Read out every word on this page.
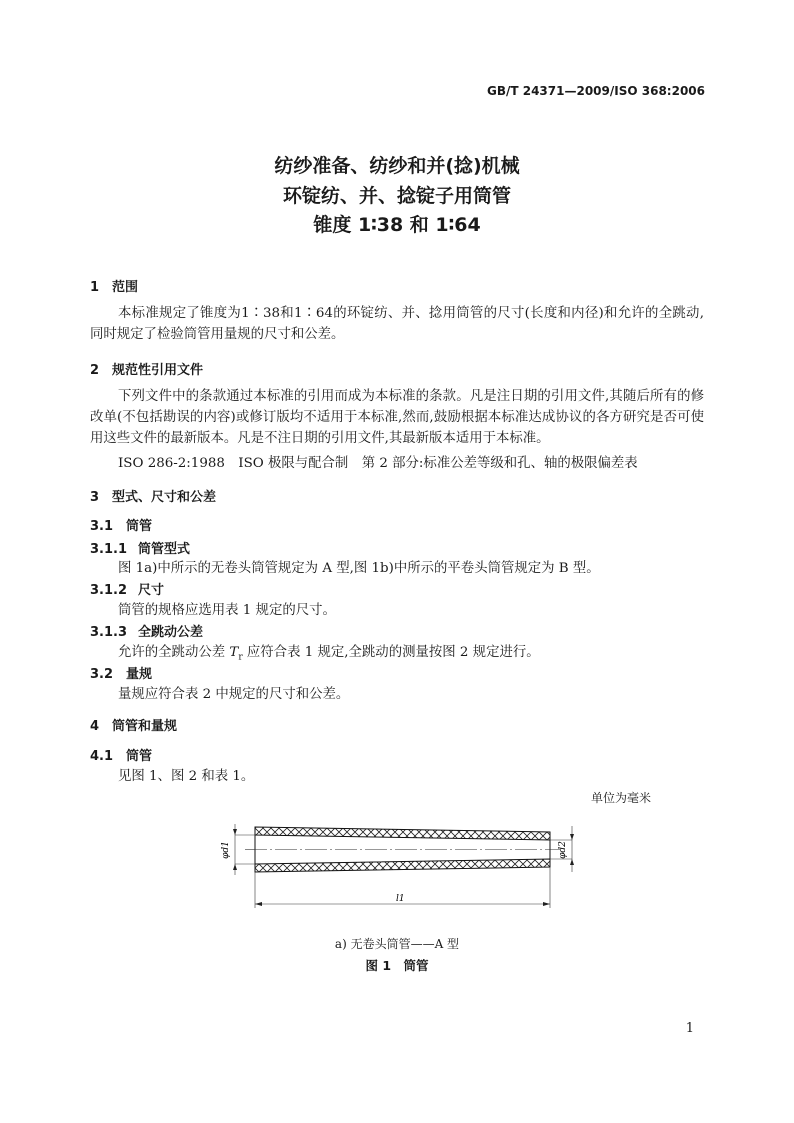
GB/T 24371—2009/ISO 368:2006
纺纱准备、纺纱和并(捻)机械
环锭纺、并、捻锭子用筒管
锥度 1∶38 和 1∶64
1 范围
本标准规定了锥度为1∶38和1∶64的环锭纺、并、捻用筒管的尺寸(长度和内径)和允许的全跳动,同时规定了检验筒管用量规的尺寸和公差。
2 规范性引用文件
下列文件中的条款通过本标准的引用而成为本标准的条款。凡是注日期的引用文件,其随后所有的修改单(不包括勘误的内容)或修订版均不适用于本标准,然而,鼓励根据本标准达成协议的各方研究是否可使用这些文件的最新版本。凡是不注日期的引用文件,其最新版本适用于本标准。
ISO 286-2:1988　ISO 极限与配合制　第 2 部分:标准公差等级和孔、轴的极限偏差表
3 型式、尺寸和公差
3.1 筒管
3.1.1 筒管型式
图 1a)中所示的无卷头筒管规定为 A 型,图 1b)中所示的平卷头筒管规定为 B 型。
3.1.2 尺寸
筒管的规格应选用表 1 规定的尺寸。
3.1.3 全跳动公差
允许的全跳动公差 $T_r$ 应符合表 1 规定,全跳动的测量按图 2 规定进行。
3.2 量规
量规应符合表 2 中规定的尺寸和公差。
4 筒管和量规
4.1 筒管
见图 1、图 2 和表 1。
单位为毫米
φd1	φd2
l1
a) 无卷头筒管——A 型
图 1　筒管
1
